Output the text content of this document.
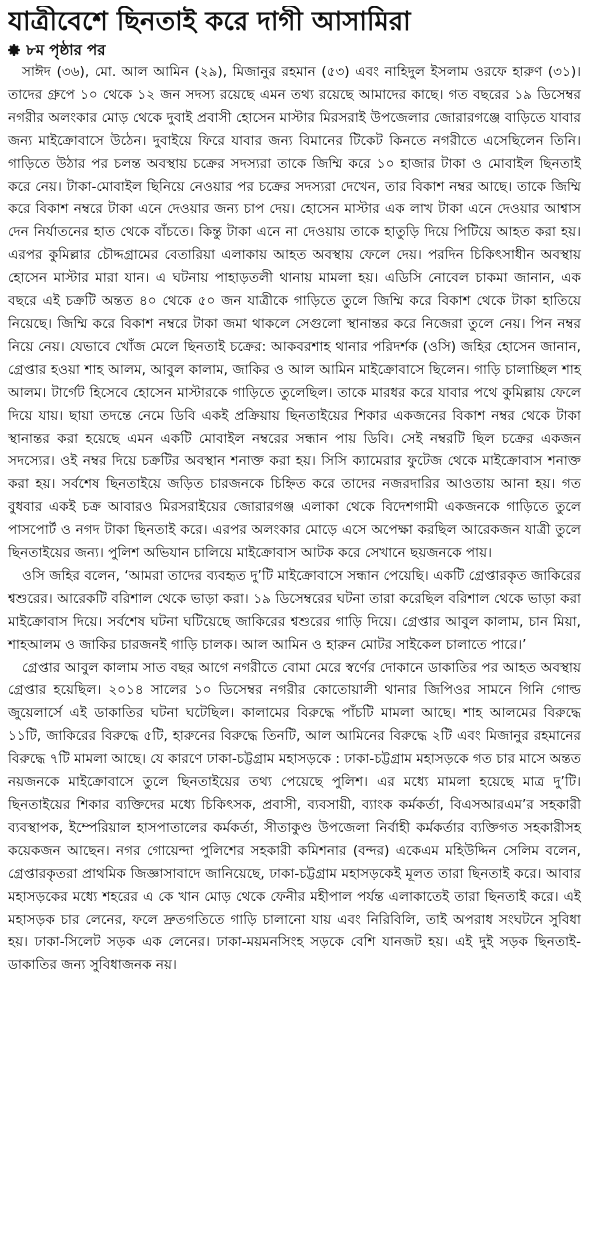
যাত্রীবেশে ছিনতাই করে দাগী আসামিরা
৮ম পৃষ্ঠার পর

সাঈদ (৩৬), মো. আল আমিন (২৯), মিজানুর রহমান (৫৩) এবং নাহিদুল ইসলাম ওরফে হারুণ (৩১)। তাদের গ্রুপে ১০ থেকে ১২ জন সদস্য রয়েছে এমন তথ্য রয়েছে আমাদের কাছে। গত বছরের ১৯ ডিসেম্বর নগরীর অলংকার মোড় থেকে দুবাই প্রবাসী হোসেন মাস্টার মিরসরাই উপজেলার জোরারগঞ্জে বাড়িতে যাবার জন্য মাইক্রোবাসে উঠেন। দুবাইয়ে ফিরে যাবার জন্য বিমানের টিকেট কিনতে নগরীতে এসেছিলেন তিনি। গাড়িতে উঠার পর চলন্ত অবস্থায় চক্রের সদস্যরা তাকে জিম্মি করে ১০ হাজার টাকা ও মোবাইল ছিনতাই করে নেয়। টাকা-মোবাইল ছিনিয়ে নেওয়ার পর চক্রের সদস্যরা দেখেন, তার বিকাশ নম্বর আছে। তাকে জিম্মি করে বিকাশ নম্বরে টাকা এনে দেওয়ার জন্য চাপ দেয়। হোসেন মাস্টার এক লাখ টাকা এনে দেওয়ার আশ্বাস দেন নির্যাতনের হাত থেকে বাঁচতে। কিন্তু টাকা এনে না দেওয়ায় তাকে হাতুড়ি দিয়ে পিটিয়ে আহত করা হয়। এরপর কুমিল্লার চৌদ্দগ্রামের বেতারিয়া এলাকায় আহত অবস্থায় ফেলে দেয়। পরদিন চিকিৎসাধীন অবস্থায় হোসেন মাস্টার মারা যান। এ ঘটনায় পাহাড়তলী থানায় মামলা হয়। এডিসি নোবেল চাকমা জানান, এক বছরে এই চক্রটি অন্তত ৪০ থেকে ৫০ জন যাত্রীকে গাড়িতে তুলে জিম্মি করে বিকাশ থেকে টাকা হাতিয়ে নিয়েছে। জিম্মি করে বিকাশ নম্বরে টাকা জমা থাকলে সেগুলো স্থানান্তর করে নিজেরা তুলে নেয়। পিন নম্বর নিয়ে নেয়। যেভাবে খোঁজ মেলে ছিনতাই চক্রের: আকবরশাহ থানার পরিদর্শক (ওসি) জহির হোসেন জানান, গ্রেপ্তার হওয়া শাহ আলম, আবুল কালাম, জাকির ও আল আমিন মাইক্রোবাসে ছিলেন। গাড়ি চালাচ্ছিল শাহ আলম। টার্গেট হিসেবে হোসেন মাস্টারকে গাড়িতে তুলেছিল। তাকে মারধর করে যাবার পথে কুমিল্লায় ফেলে দিয়ে যায়। ছায়া তদন্তে নেমে ডিবি একই প্রক্রিয়ায় ছিনতাইয়ের শিকার একজনের বিকাশ নম্বর থেকে টাকা স্থানান্তর করা হয়েছে এমন একটি মোবাইল নম্বরের সন্ধান পায় ডিবি। সেই নম্বরটি ছিল চক্রের একজন সদস্যের। ওই নম্বর দিয়ে চক্রটির অবস্থান শনাক্ত করা হয়। সিসি ক্যামেরার ফুটেজ থেকে মাইক্রোবাস শনাক্ত করা হয়। সর্বশেষ ছিনতাইয়ে জড়িত চারজনকে চিহ্নিত করে তাদের নজরদারির আওতায় আনা হয়। গত বুধবার একই চক্র আবারও মিরসরাইয়ের জোরারগঞ্জ এলাকা থেকে বিদেশগামী একজনকে গাড়িতে তুলে পাসপোর্ট ও নগদ টাকা ছিনতাই করে। এরপর অলংকার মোড়ে এসে অপেক্ষা করছিল আরেকজন যাত্রী তুলে ছিনতাইয়ের জন্য। পুলিশ অভিযান চালিয়ে মাইক্রোবাস আটক করে সেখানে ছয়জনকে পায়।

ওসি জহির বলেন, ‘আমরা তাদের ব্যবহৃত দু’টি মাইক্রোবাসে সন্ধান পেয়েছি। একটি গ্রেপ্তারকৃত জাকিরের শ্বশুরের। আরেকটি বরিশাল থেকে ভাড়া করা। ১৯ ডিসেম্বরের ঘটনা তারা করেছিল বরিশাল থেকে ভাড়া করা মাইক্রোবাস দিয়ে। সর্বশেষ ঘটনা ঘটিয়েছে জাকিরের শ্বশুরের গাড়ি দিয়ে। গ্রেপ্তার আবুল কালাম, চান মিয়া, শাহআলম ও জাকির চারজনই গাড়ি চালক। আল আমিন ও হারুন মোটর সাইকেল চালাতে পারে।’

গ্রেপ্তার আবুল কালাম সাত বছর আগে নগরীতে বোমা মেরে স্বর্ণের দোকানে ডাকাতির পর আহত অবস্থায় গ্রেপ্তার হয়েছিল। ২০১৪ সালের ১০ ডিসেম্বর নগরীর কোতোয়ালী থানার জিপিওর সামনে গিনি গোল্ড জুয়েলার্সে এই ডাকাতির ঘটনা ঘটেছিল। কালামের বিরুদ্ধে পাঁচটি মামলা আছে। শাহ আলমের বিরুদ্ধে ১১টি, জাকিরের বিরুদ্ধে ৫টি, হারুনের বিরুদ্ধে তিনটি, আল আমিনের বিরুদ্ধে ২টি এবং মিজানুর রহমানের বিরুদ্ধে ৭টি মামলা আছে। যে কারণে ঢাকা-চট্টগ্রাম মহাসড়কে : ঢাকা-চট্টগ্রাম মহাসড়কে গত চার মাসে অন্তত নয়জনকে মাইক্রোবাসে তুলে ছিনতাইয়ের তথ্য পেয়েছে পুলিশ। এর মধ্যে মামলা হয়েছে মাত্র দু’টি। ছিনতাইয়ের শিকার ব্যক্তিদের মধ্যে চিকিৎসক, প্রবাসী, ব্যবসায়ী, ব্যাংক কর্মকর্তা, বিএসআরএম’র সহকারী ব্যবস্থাপক, ইম্পেরিয়াল হাসপাতালের কর্মকর্তা, সীতাকুণ্ড উপজেলা নির্বাহী কর্মকর্তার ব্যক্তিগত সহকারীসহ কয়েকজন আছেন। নগর গোয়েন্দা পুলিশের সহকারী কমিশনার (বন্দর) একেএম মহিউদ্দিন সেলিম বলেন, গ্রেপ্তারকৃতরা প্রাথমিক জিজ্ঞাসাবাদে জানিয়েছে, ঢাকা-চট্টগ্রাম মহাসড়কেই মূলত তারা ছিনতাই করে। আবার মহাসড়কের মধ্যে শহরের এ কে খান মোড় থেকে ফেনীর মহীপাল পর্যন্ত এলাকাতেই তারা ছিনতাই করে। এই মহাসড়ক চার লেনের, ফলে দ্রুতগতিতে গাড়ি চালানো যায় এবং নিরিবিলি, তাই অপরাধ সংঘটনে সুবিধা হয়। ঢাকা-সিলেট সড়ক এক লেনের। ঢাকা-ময়মনসিংহ সড়কে বেশি যানজট হয়। এই দুই সড়ক ছিনতাই-ডাকাতির জন্য সুবিধাজনক নয়।
